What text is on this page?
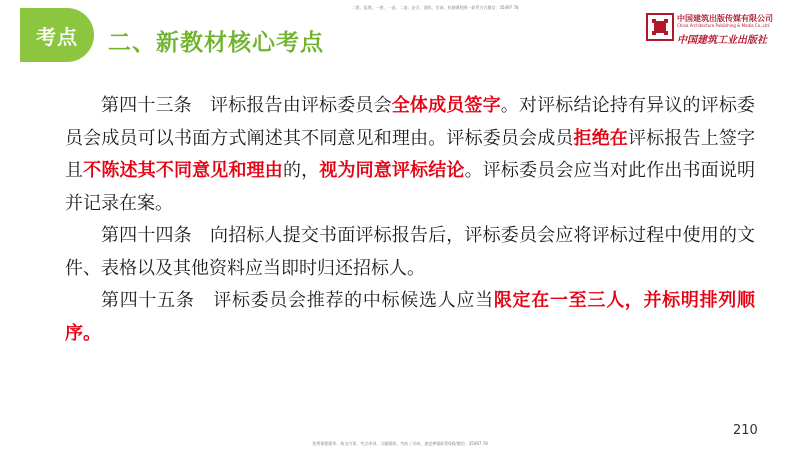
考点 二、新教材核心考点
二建、监理、一建、一造、二造、安全、消防、咨询、检测课程唯一联系方式微信：35497 78
中国建筑出版传媒有限公司
China Architecture Publishing & Media Co.,Ltd.
中国建筑工业出版社

第四十三条 评标报告由评标委员会全体成员签字。对评标结论持有异议的评标委员会成员可以书面方式阐述其不同意见和理由。评标委员会成员拒绝在评标报告上签字且不陈述其不同意见和理由的，视为同意评标结论。评标委员会应当对此作出书面说明并记录在案。

第四十四条 向招标人提交书面评标报告后，评标委员会应将评标过程中使用的文件、表格以及其他资料应当即时归还招标人。

第四十五条 评标委员会推荐的中标候选人应当限定在一至三人，并标明排列顺序。

210
免费课程精华、典全内训、考点串讲、习题精练、考前三页纸、速度押题联系Q群/微信：35497 78
